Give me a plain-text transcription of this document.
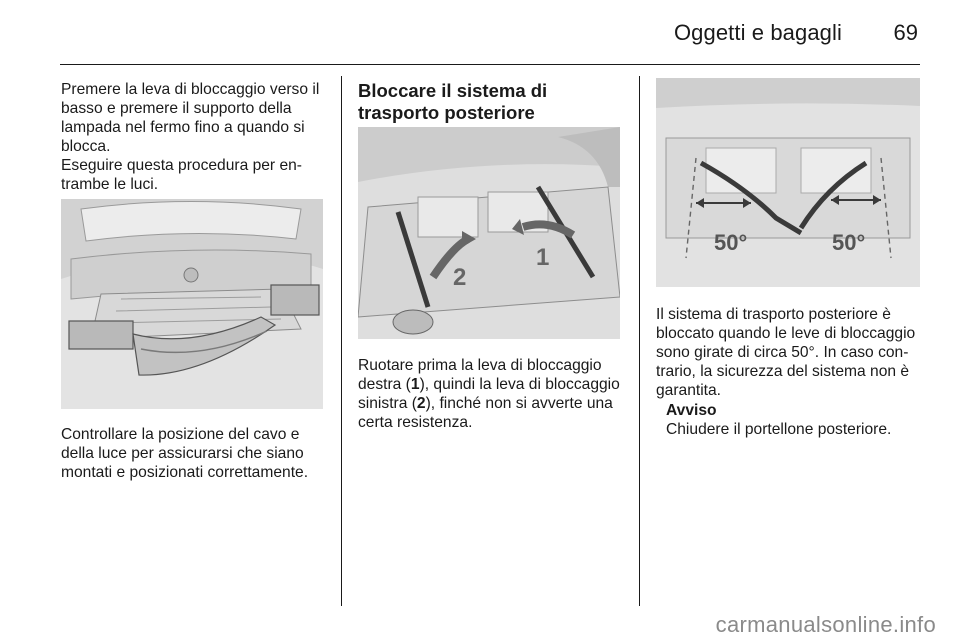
Oggetti e bagagli 69

Premere la leva di bloccaggio verso il basso e premere il supporto della lampada nel fermo fino a quando si blocca.

Eseguire questa procedura per en-trambe le luci.

Controllare la posizione del cavo e della luce per assicurarsi che siano montati e posizionati correttamente.

Bloccare il sistema di trasporto posteriore
2
1

Ruotare prima la leva di bloccaggio destra (1), quindi la leva di bloccaggio sinistra (2), finché non si avverte una certa resistenza.

50°	50°

Il sistema di trasporto posteriore è bloccato quando le leve di bloccaggio sono girate di circa 50°. In caso con-trario, la sicurezza del sistema non è garantita.

Avviso

Chiudere il portellone posteriore.

carmanualsonline.info
